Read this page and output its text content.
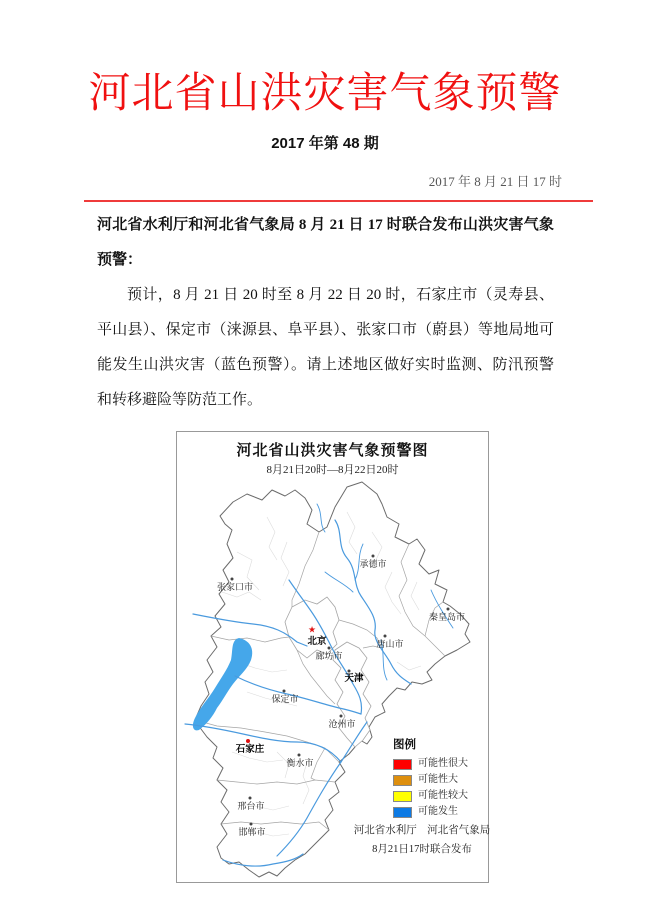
河北省山洪灾害气象预警
2017 年第 48 期
2017 年 8 月 21 日 17 时
河北省水利厅和河北省气象局 8 月 21 日 17 时联合发布山洪灾害气象预警：

预计，8 月 21 日 20 时至 8 月 22 日 20 时，石家庄市（灵寿县、平山县）、保定市（涞源县、阜平县）、张家口市（蔚县）等地局地可能发生山洪灾害（蓝色预警）。请上述地区做好实时监测、防汛预警和转移避险等防范工作。

河北省山洪灾害气象预警图
8月21日20时—8月22日20时
张家口市
承德市
秦皇岛市
唐山市
★
北京
廊坊市
天津
保定市
沧州市
石家庄
衡水市
邢台市
邯郸市
图例
可能性很大
可能性大
可能性较大
可能发生
河北省水利厅　河北省气象局
8月21日17时联合发布
